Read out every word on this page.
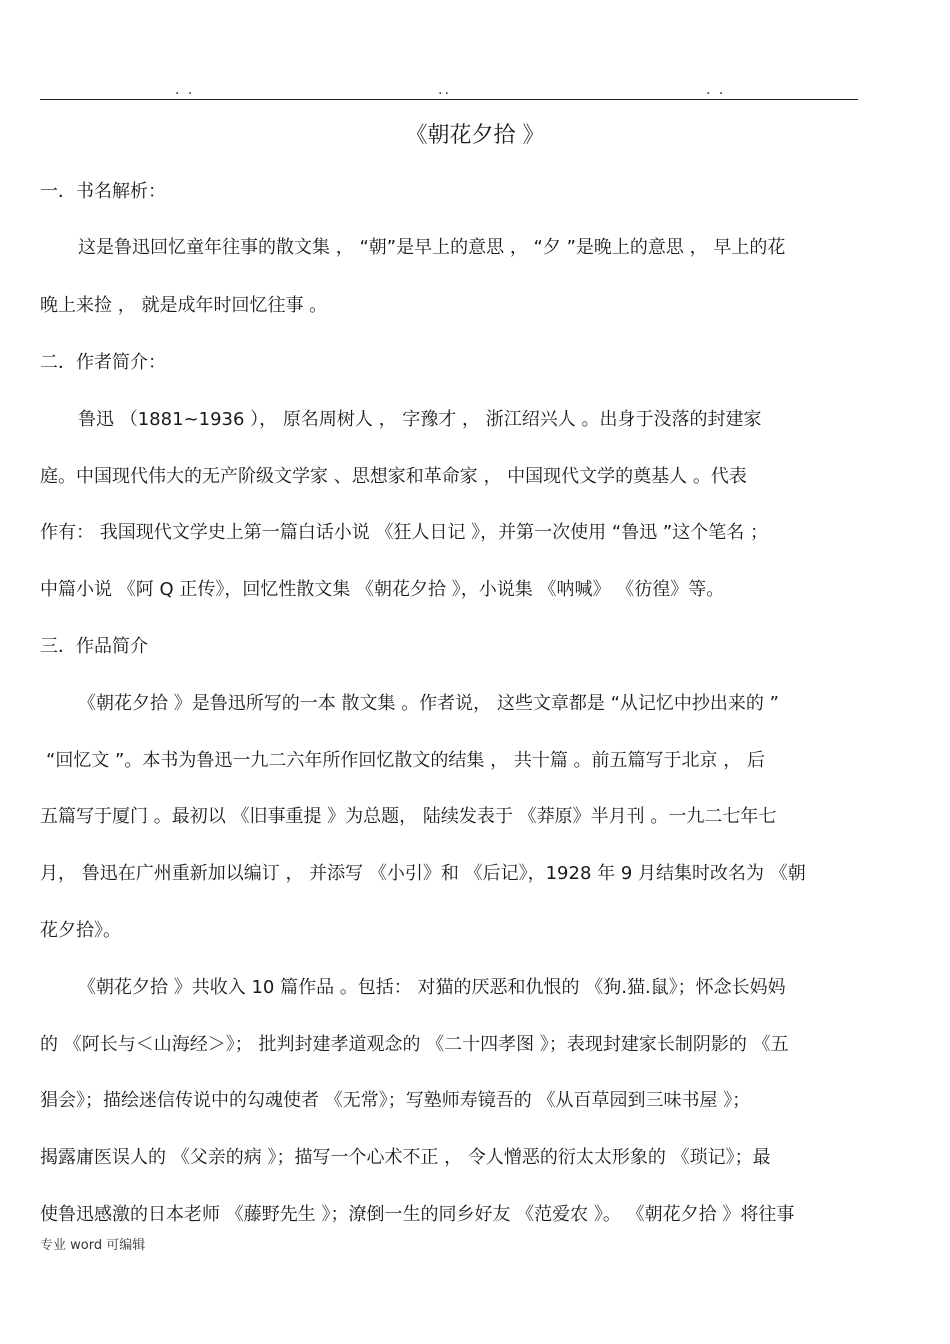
. .	..	. .
《朝花夕拾 》
一．书名解析：
这是鲁迅回忆童年往事的散文集 ， “朝”是早上的意思 ， “夕 ”是晚上的意思 ， 早上的花
晚上来捡 ， 就是成年时回忆往事 。
二．作者简介：
鲁迅 （1881~1936 ）， 原名周树人 ， 字豫才 ， 浙江绍兴人 。出身于没落的封建家
庭。中国现代伟大的无产阶级文学家 、思想家和革命家 ， 中国现代文学的奠基人 。代表
作有： 我国现代文学史上第一篇白话小说 《狂人日记 》，并第一次使用 “鲁迅 ”这个笔名 ；
中篇小说 《阿 Q 正传》，回忆性散文集 《朝花夕拾 》，小说集 《呐喊》 《彷徨》等。
三．作品简介
《朝花夕拾 》是鲁迅所写的一本 散文集 。作者说， 这些文章都是 “从记忆中抄出来的 ”
“回忆文 ”。本书为鲁迅一九二六年所作回忆散文的结集 ， 共十篇 。前五篇写于北京 ， 后
五篇写于厦门 。最初以 《旧事重提 》为总题， 陆续发表于 《莽原》半月刊 。一九二七年七
月， 鲁迅在广州重新加以编订 ， 并添写 《小引》和 《后记》，1928 年 9 月结集时改名为 《朝
花夕拾》。
《朝花夕拾 》共收入 10 篇作品 。包括： 对猫的厌恶和仇恨的 《狗.猫.鼠》；怀念长妈妈
的 《阿长与＜山海经＞》； 批判封建孝道观念的 《二十四孝图 》；表现封建家长制阴影的 《五
猖会》；描绘迷信传说中的勾魂使者 《无常》；写塾师寿镜吾的 《从百草园到三味书屋 》；
揭露庸医误人的 《父亲的病 》；描写一个心术不正 ， 令人憎恶的衍太太形象的 《琐记》；最
使鲁迅感激的日本老师 《藤野先生 》；潦倒一生的同乡好友 《范爱农 》。 《朝花夕拾 》将往事
专业 word 可编辑
